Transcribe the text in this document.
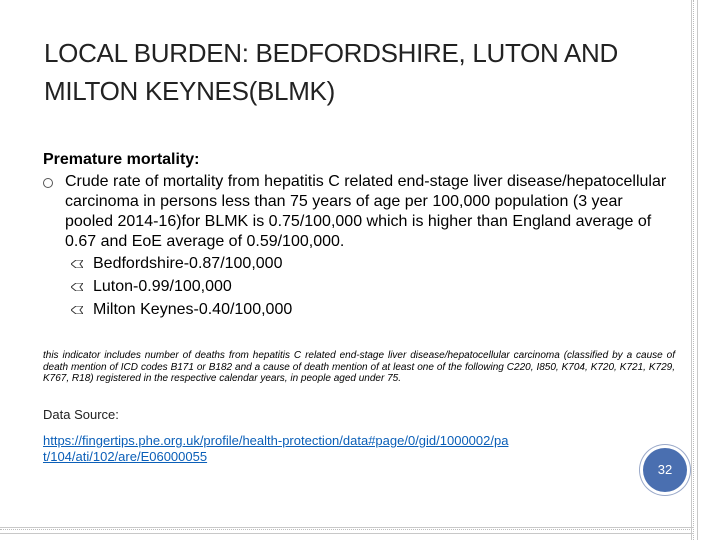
LOCAL BURDEN: BEDFORDSHIRE, LUTON AND MILTON KEYNES(BLMK)

Premature mortality:

Crude rate of mortality from hepatitis C related end-stage liver disease/hepatocellular carcinoma in persons less than 75 years of age per 100,000 population (3 year pooled 2014-16)for BLMK is 0.75/100,000 which is higher than England average of 0.67 and EoE average of 0.59/100,000.
Bedfordshire-0.87/100,000
Luton-0.99/100,000
Milton Keynes-0.40/100,000

this indicator includes number of deaths from hepatitis C related end-stage liver disease/hepatocellular carcinoma (classified by a cause of death mention of ICD codes B171 or B182 and a cause of death mention of at least one of the following C220, I850, K704, K720, K721, K729, K767, R18) registered in the respective calendar years, in people aged under 75.

Data Source:
https://fingertips.phe.org.uk/profile/health-protection/data#page/0/gid/1000002/pat/104/ati/102/are/E06000055
32
